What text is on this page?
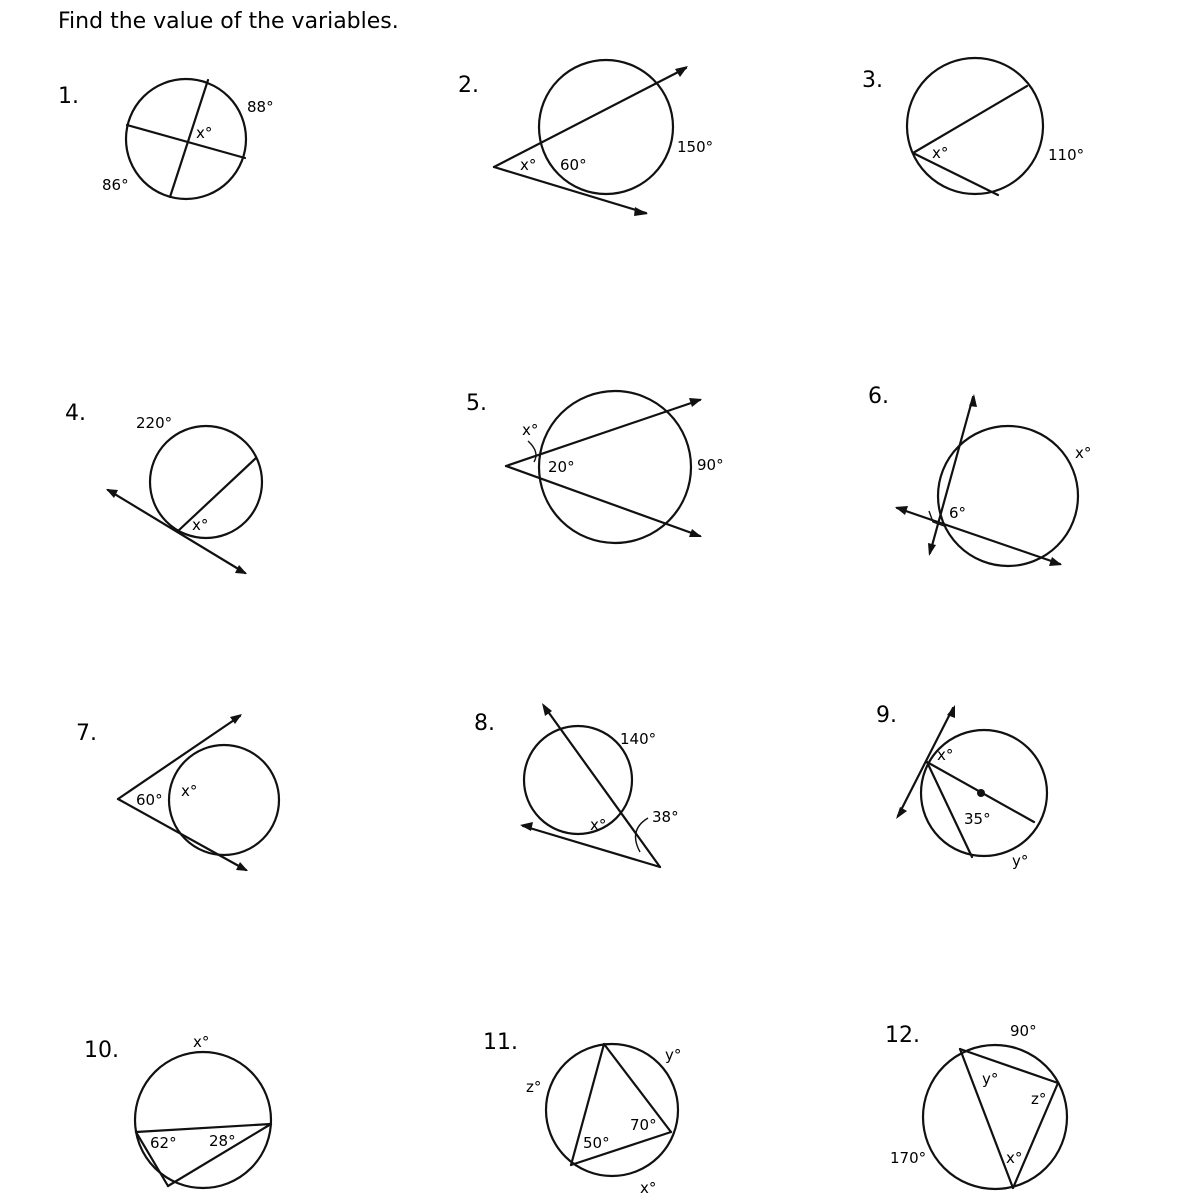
Find the value of the variables.
1.	88°
x°
86°
2.
x° 60°
150°
3.
x°	110°
4.	220°
x°
5.
x°
20°	90°
6.
x°
6°
7.
60° x°
8.
140°
x°	38°
9.
x°
35°
y°
10.	x°
62° 28°
11.	y°
z°
70°
50°
x°
12.	90°
y°
z°
170°	x°
